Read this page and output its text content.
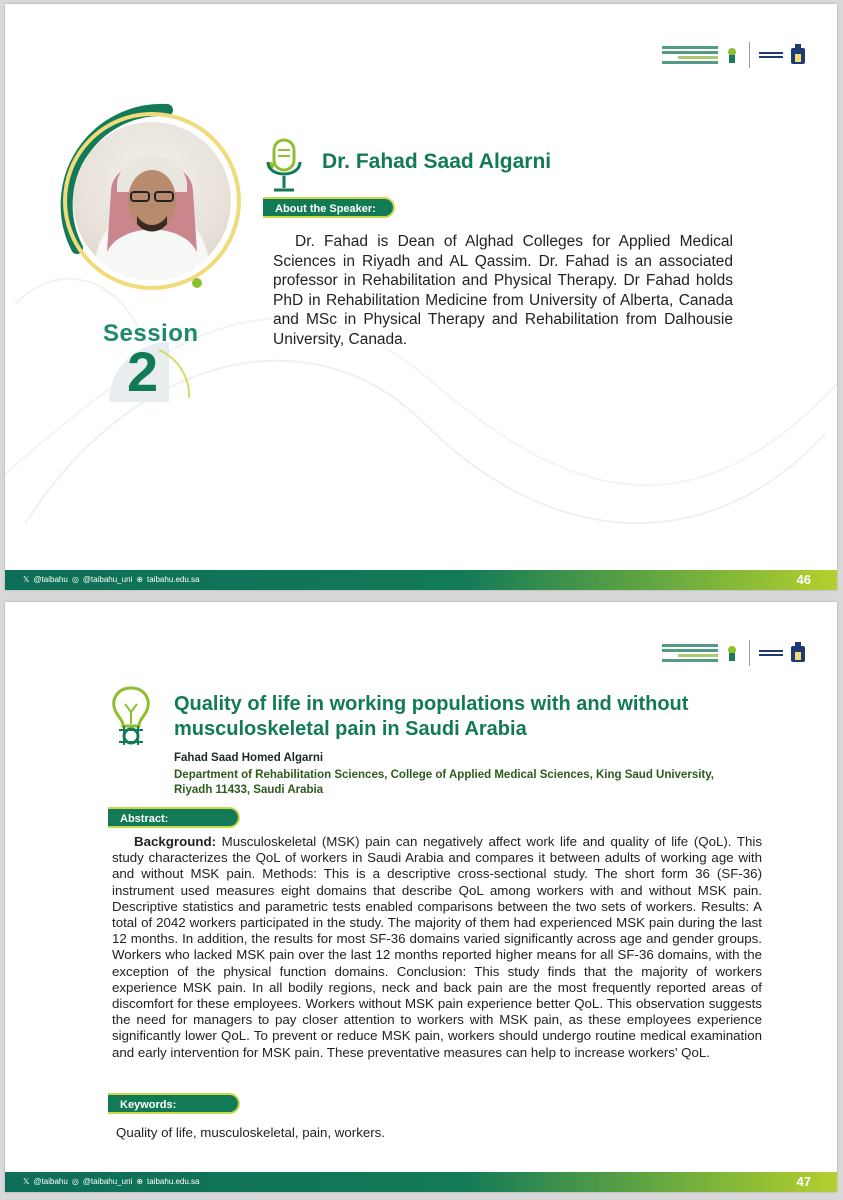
Session
2
Dr. Fahad Saad Algarni
About the Speaker:
Dr. Fahad is Dean of Alghad Colleges for Applied Medical Sciences in Riyadh and AL Qassim. Dr. Fahad is an associated professor in Rehabilitation and Physical Therapy. Dr Fahad holds PhD in Rehabilitation Medicine from University of Alberta, Canada and MSc in Physical Therapy and Rehabilitation from Dalhousie University, Canada.
𝕏 @taibahu ◎ @taibahu_uni ⊕ taibahu.edu.sa	46
Quality of life in working populations with and without musculoskeletal pain in Saudi Arabia
Fahad Saad Homed Algarni
Department of Rehabilitation Sciences, College of Applied Medical Sciences, King Saud University, Riyadh 11433, Saudi Arabia
Abstract:
Background: Musculoskeletal (MSK) pain can negatively affect work life and quality of life (QoL). This study characterizes the QoL of workers in Saudi Arabia and compares it between adults of working age with and without MSK pain. Methods: This is a descriptive cross-sectional study. The short form 36 (SF-36) instrument used measures eight domains that describe QoL among workers with and without MSK pain. Descriptive statistics and parametric tests enabled comparisons between the two sets of workers. Results: A total of 2042 workers participated in the study. The majority of them had experienced MSK pain during the last 12 months. In addition, the results for most SF-36 domains varied significantly across age and gender groups. Workers who lacked MSK pain over the last 12 months reported higher means for all SF-36 domains, with the exception of the physical function domains. Conclusion: This study finds that the majority of workers experience MSK pain. In all bodily regions, neck and back pain are the most frequently reported areas of discomfort for these employees. Workers without MSK pain experience better QoL. This observation suggests the need for managers to pay closer attention to workers with MSK pain, as these employees experience significantly lower QoL. To prevent or reduce MSK pain, workers should undergo routine medical examination and early intervention for MSK pain. These preventative measures can help to increase workers' QoL.
Keywords:
Quality of life, musculoskeletal, pain, workers.
𝕏 @taibahu ◎ @taibahu_uni ⊕ taibahu.edu.sa	47
